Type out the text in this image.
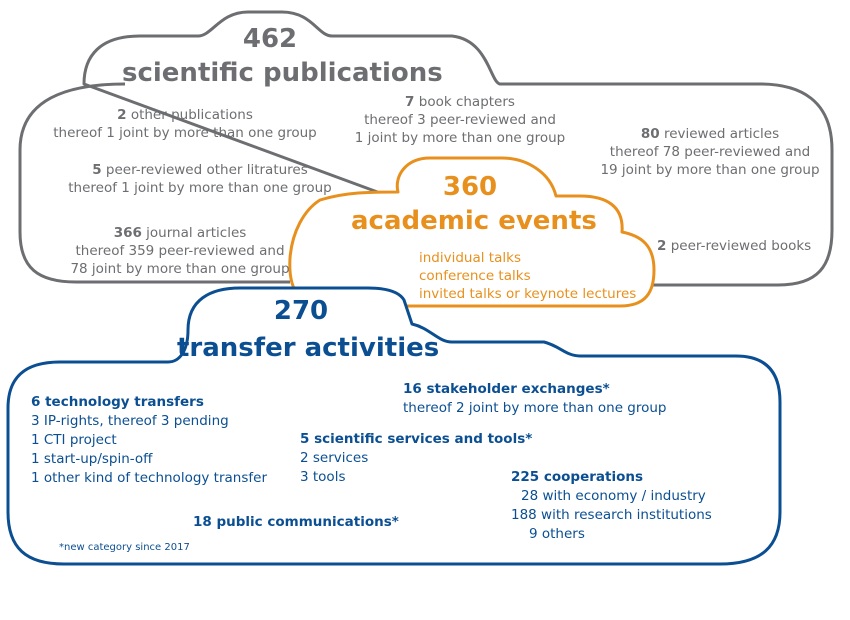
462
scientific publications
2 other publications
thereof 1 joint by more than one group
7 book chapters
thereof 3 peer-reviewed and
1 joint by more than one group	80 reviewed articles
thereof 78 peer-reviewed and
19 joint by more than one group
5 peer-reviewed other litratures
thereof 1 joint by more than one group
366 journal articles
thereof 359 peer-reviewed and
78 joint by more than one group
2 peer-reviewed books
360
academic events
individual talks
conference talks
invited talks or keynote lectures
270
transfer activities
6 technology transfers
3 IP-rights, thereof 3 pending
1 CTI project
1 start-up/spin-off
1 other kind of technology transfer
16 stakeholder exchanges*
thereof 2 joint by more than one group
5 scientific services and tools*
2 services
3 tools	225 cooperations
28 with economy / industry
188 with research institutions
9 others
18 public communications*
*new category since 2017
